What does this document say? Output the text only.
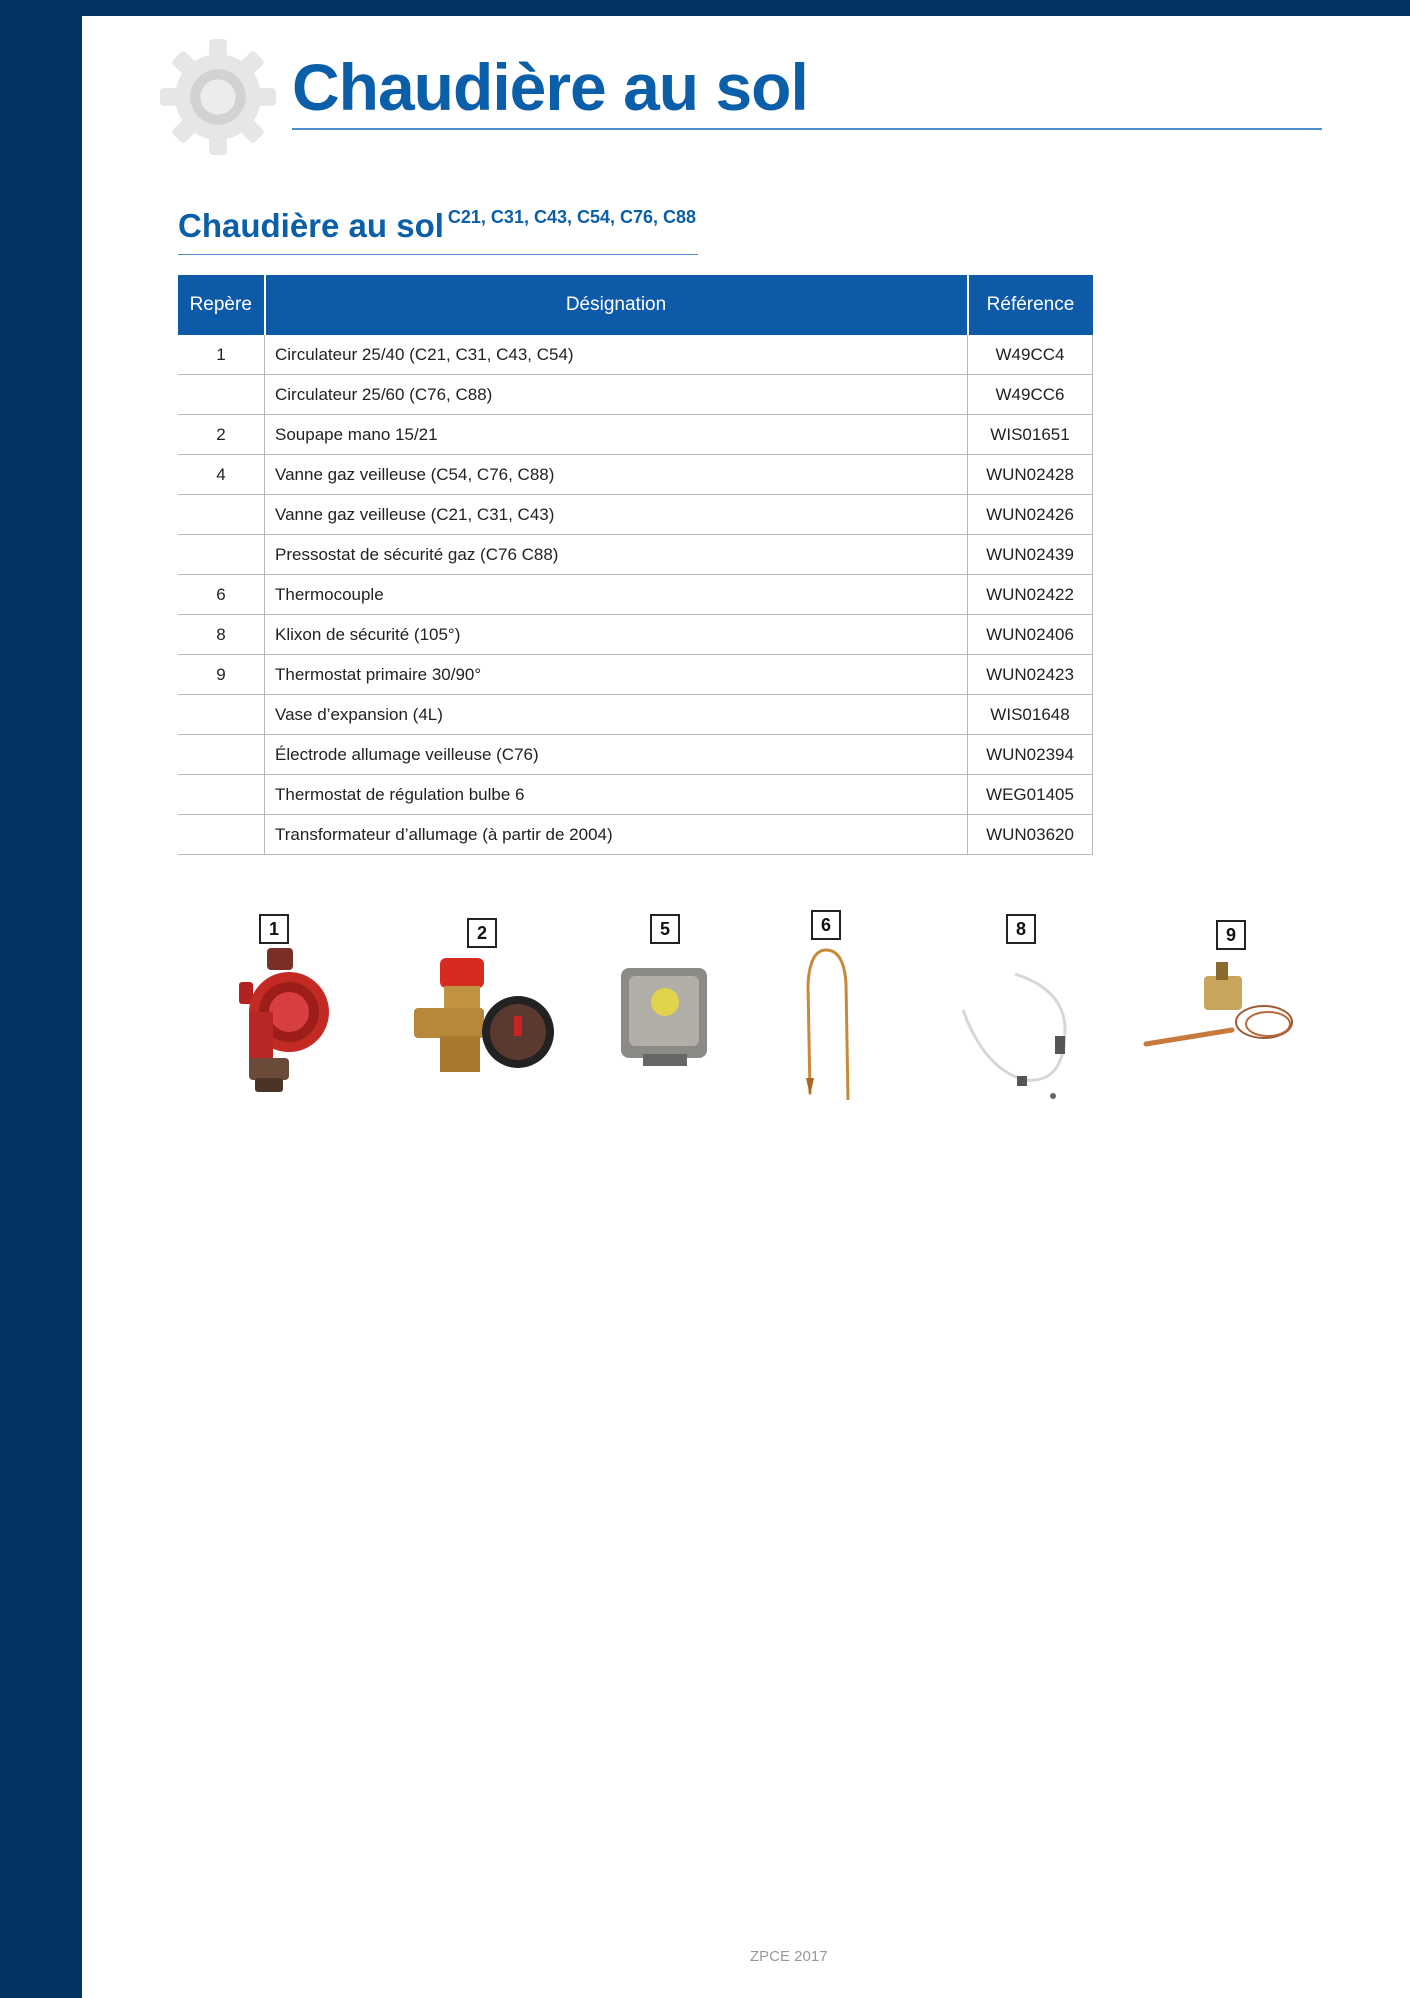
Chaudière au sol
Chaudière au sol $^{C21, C31, C43, C54, C76, C88}$
Repère	Désignation	Référence
1	Circulateur 25/40 (C21, C31, C43, C54)	W49CC4
	Circulateur 25/60 (C76, C88)	W49CC6
2	Soupape mano 15/21	WIS01651
4	Vanne gaz veilleuse (C54, C76, C88)	WUN02428
	Vanne gaz veilleuse (C21, C31, C43)	WUN02426
	Pressostat de sécurité gaz (C76 C88)	WUN02439
6	Thermocouple	WUN02422
8	Klixon de sécurité (105°)	WUN02406
9	Thermostat primaire 30/90°	WUN02423
	Vase d’expansion (4L)	WIS01648
	Électrode allumage veilleuse (C76)	WUN02394
	Thermostat de régulation bulbe 6	WEG01405
	Transformateur d’allumage (à partir de 2004)	WUN03620
1	2	5	6	8	9
ZPCE 2017
